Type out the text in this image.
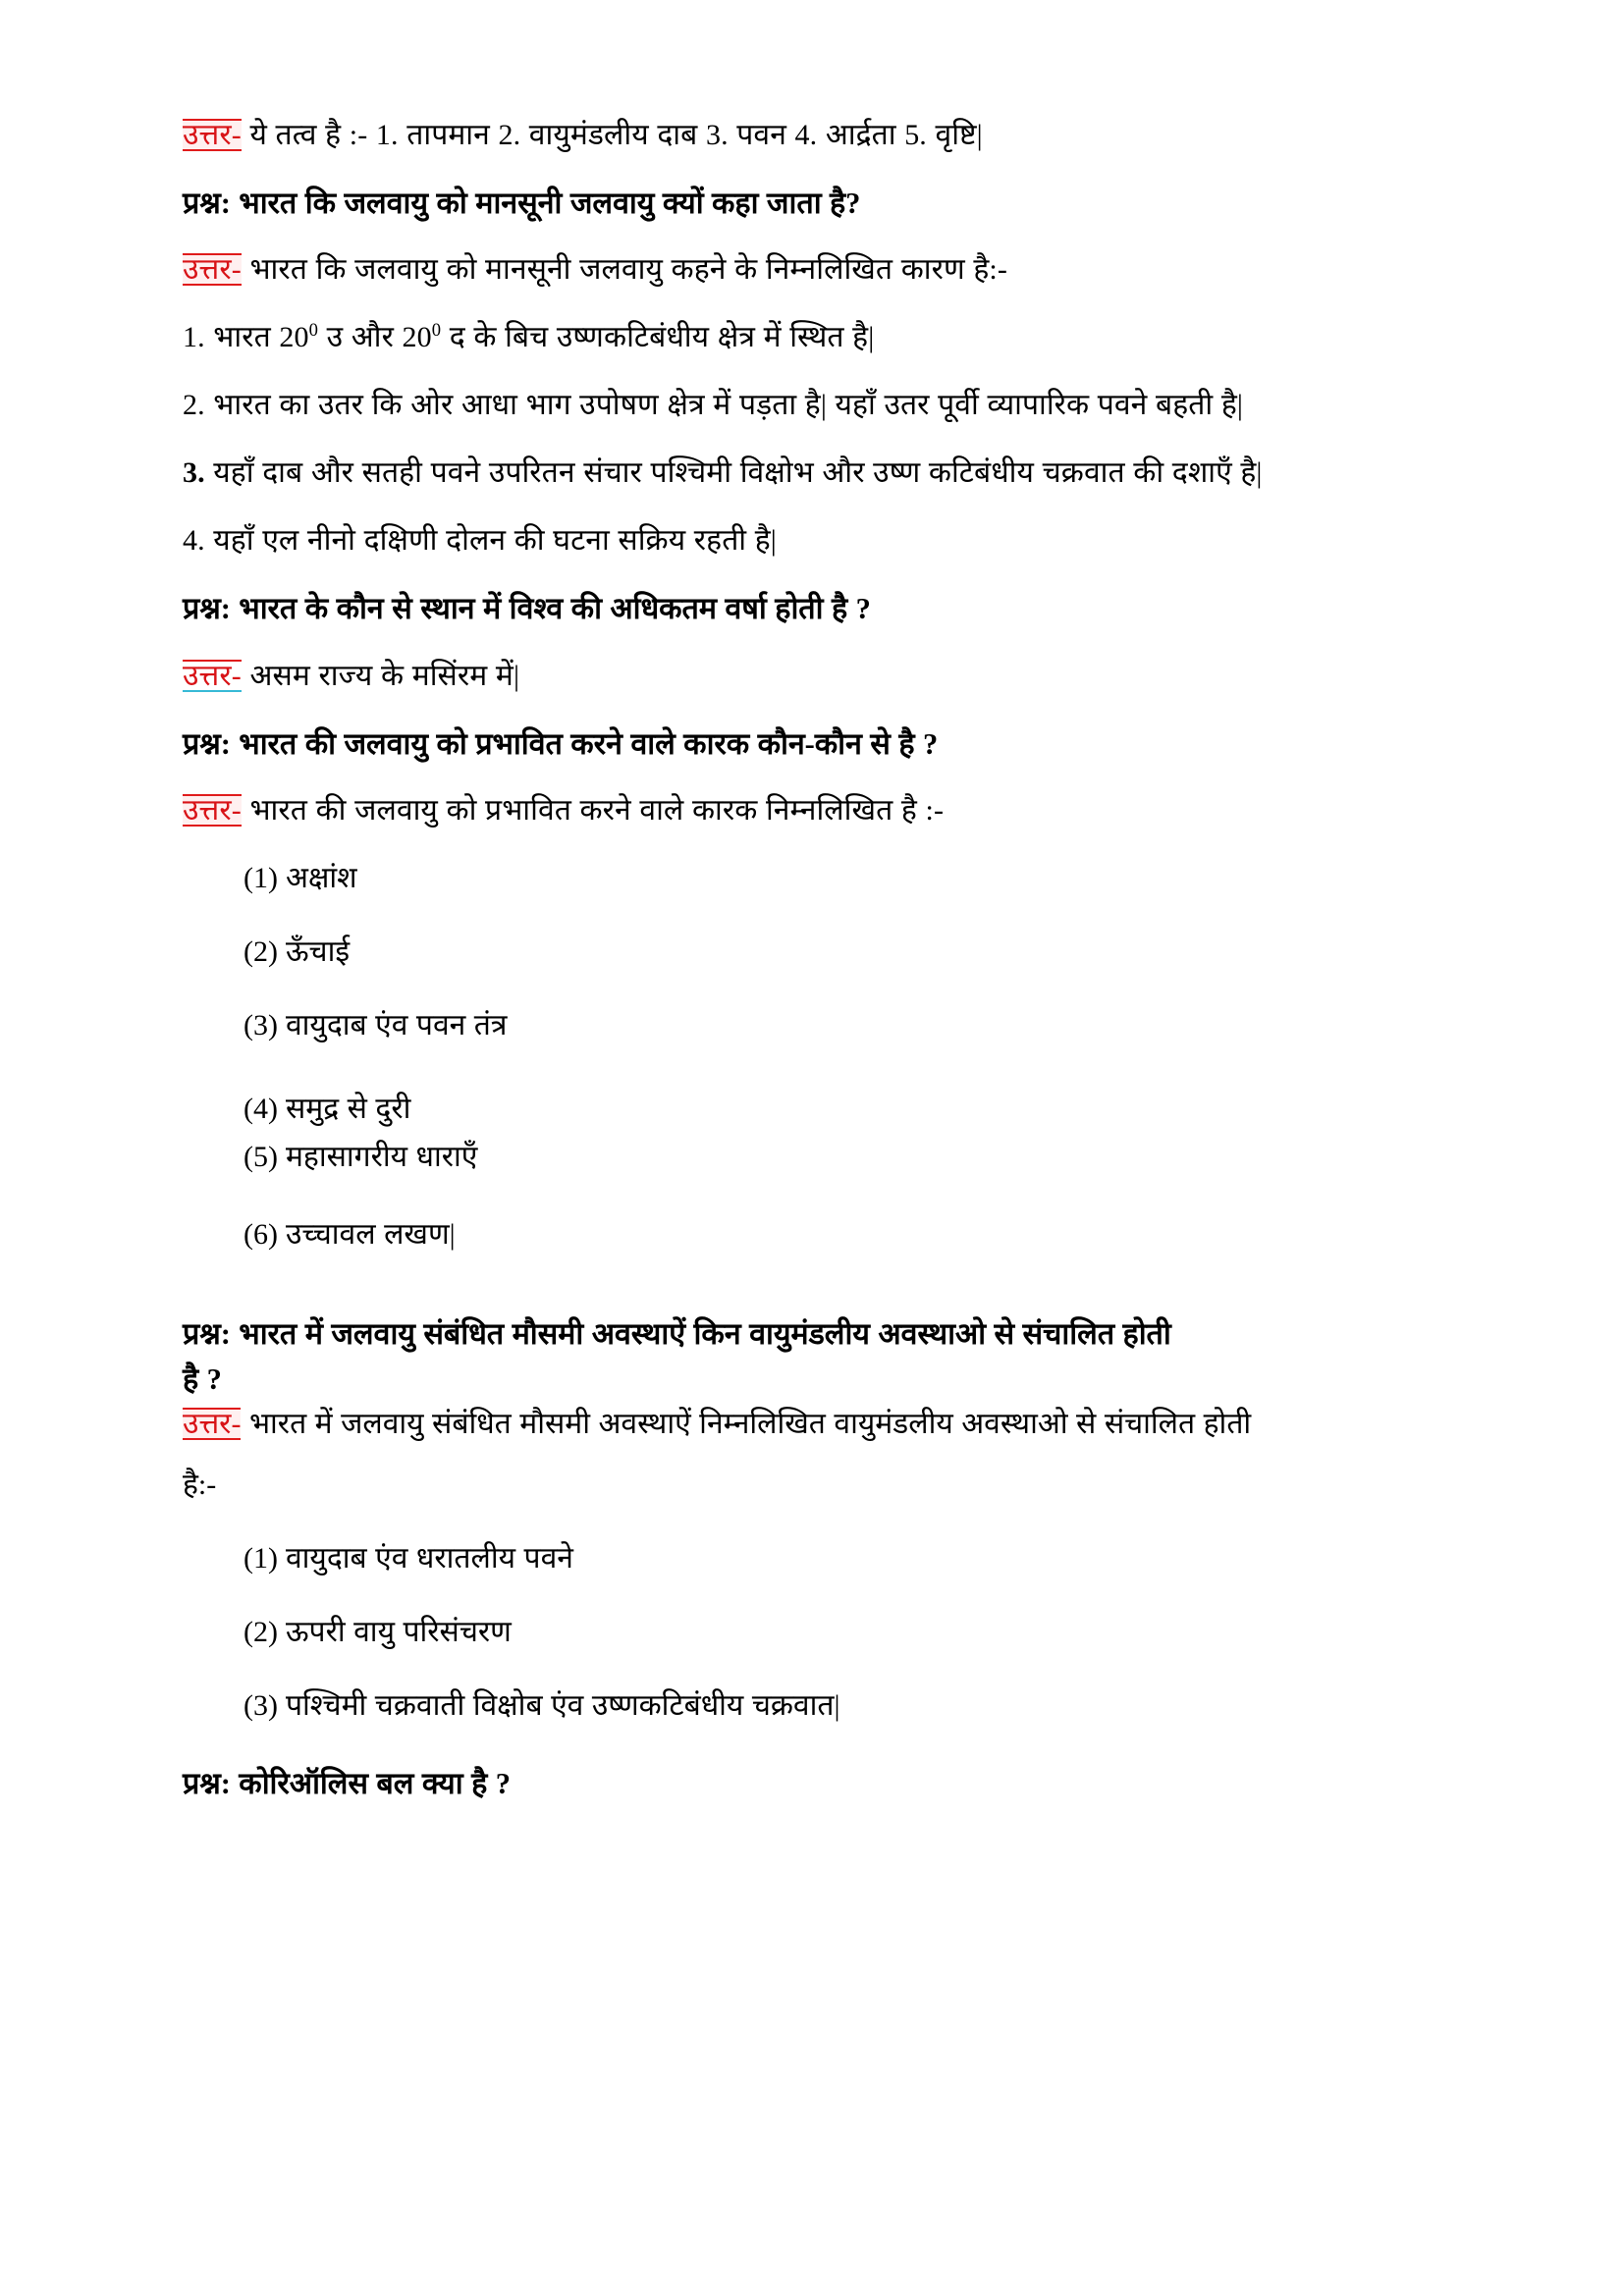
उत्तर- ये तत्व है :- 1. तापमान 2. वायुमंडलीय दाब 3. पवन 4. आर्द्रता 5. वृष्टि|

प्रश्न: भारत कि जलवायु को मानसूनी जलवायु क्यों कहा जाता है?

उत्तर- भारत कि जलवायु को मानसूनी जलवायु कहने के निम्नलिखित कारण है:-

1. भारत $20^0$ उ और $20^0$ द के बिच उष्णकटिबंधीय क्षेत्र में स्थित है|

2. भारत का उतर कि ओर आधा भाग उपोषण क्षेत्र में पड़ता है| यहाँ उतर पूर्वी व्यापारिक पवने बहती है|

3. यहाँ दाब और सतही पवने उपरितन संचार पश्चिमी विक्षोभ और उष्ण कटिबंधीय चक्रवात की दशाएँ है|

4. यहाँ एल नीनो दक्षिणी दोलन की घटना सक्रिय रहती है|

प्रश्न: भारत के कौन से स्थान में विश्व की अधिकतम वर्षा होती है ?

उत्तर- असम राज्य के मसिंरम में|

प्रश्न: भारत की जलवायु को प्रभावित करने वाले कारक कौन-कौन से है ?

उत्तर- भारत की जलवायु को प्रभावित करने वाले कारक निम्नलिखित है :-

(1) अक्षांश

(2) ऊँचाई

(3) वायुदाब एंव पवन तंत्र

(4) समुद्र से दुरी

(5) महासागरीय धाराएँ

(6) उच्चावल लखण|

प्रश्न: भारत में जलवायु संबंधित मौसमी अवस्थाऐं किन वायुमंडलीय अवस्थाओ से संचालित होती

है ?

उत्तर- भारत में जलवायु संबंधित मौसमी अवस्थाऐं निम्नलिखित वायुमंडलीय अवस्थाओ से संचालित होती

है:-

(1) वायुदाब एंव धरातलीय पवने

(2) ऊपरी वायु परिसंचरण

(3) पश्चिमी चक्रवाती विक्षोब एंव उष्णकटिबंधीय चक्रवात|

प्रश्न: कोरिऑलिस बल क्या है ?
